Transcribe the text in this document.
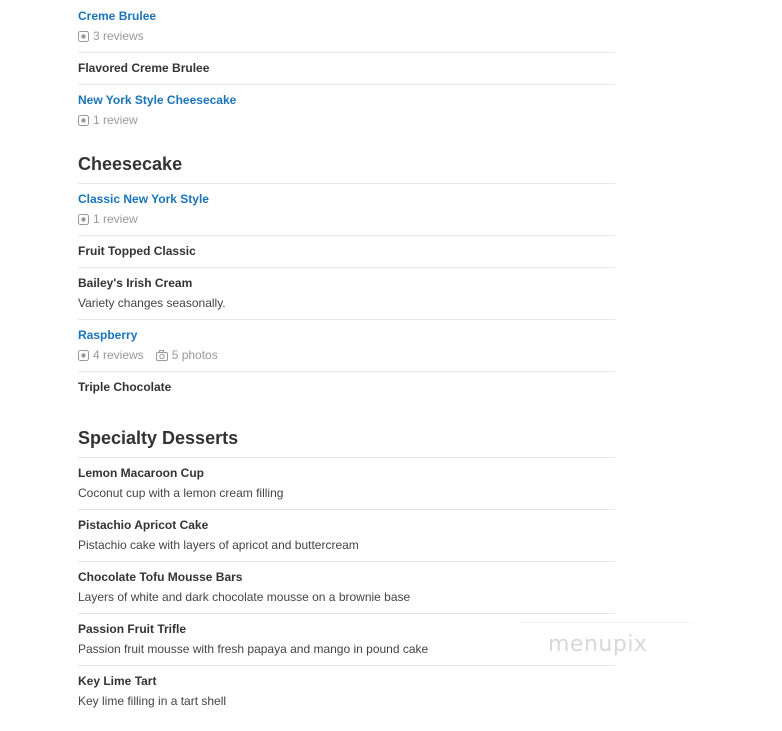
Creme Brulee
3 reviews
Flavored Creme Brulee
New York Style Cheesecake
1 review
Cheesecake
Classic New York Style
1 review
Fruit Topped Classic
Bailey's Irish Cream
Variety changes seasonally.
Raspberry
4 reviews 5 photos
Triple Chocolate
Specialty Desserts
Lemon Macaroon Cup
Coconut cup with a lemon cream filling
Pistachio Apricot Cake
Pistachio cake with layers of apricot and buttercream
Chocolate Tofu Mousse Bars
Layers of white and dark chocolate mousse on a brownie base
Passion Fruit Trifle
Passion fruit mousse with fresh papaya and mango in pound cake
Key Lime Tart
Key lime filling in a tart shell
menupix
